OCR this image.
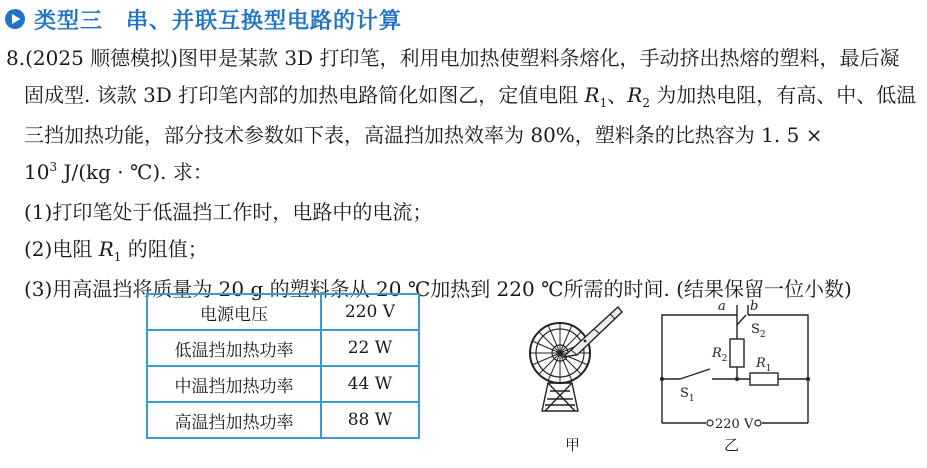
类型三　串、并联互换型电路的计算

8.(2025 顺德模拟)图甲是某款 3D 打印笔，利用电加热使塑料条熔化，手动挤出热熔的塑料，最后凝

固成型. 该款 3D 打印笔内部的加热电路简化如图乙，定值电阻 $R_1$、$R_2$ 为加热电阻，有高、中、低温

三挡加热功能，部分技术参数如下表，高温挡加热效率为 80%，塑料条的比热容为 1. 5 ×

$10^3$ J/(kg · ℃). 求：

(1)打印笔处于低温挡工作时，电路中的电流；

(2)电阻 $R_1$ 的阻值；

(3)用高温挡将质量为 20 g 的塑料条从 20 ℃加热到 220 ℃所需的时间. (结果保留一位小数)

电源电压	220 V
低温挡加热功率	22 W
中温挡加热功率	44 W
高温挡加热功率	88 W
甲
a b
$S_2$
$R_2$ $R_1$
$S_1$
220 V
乙
